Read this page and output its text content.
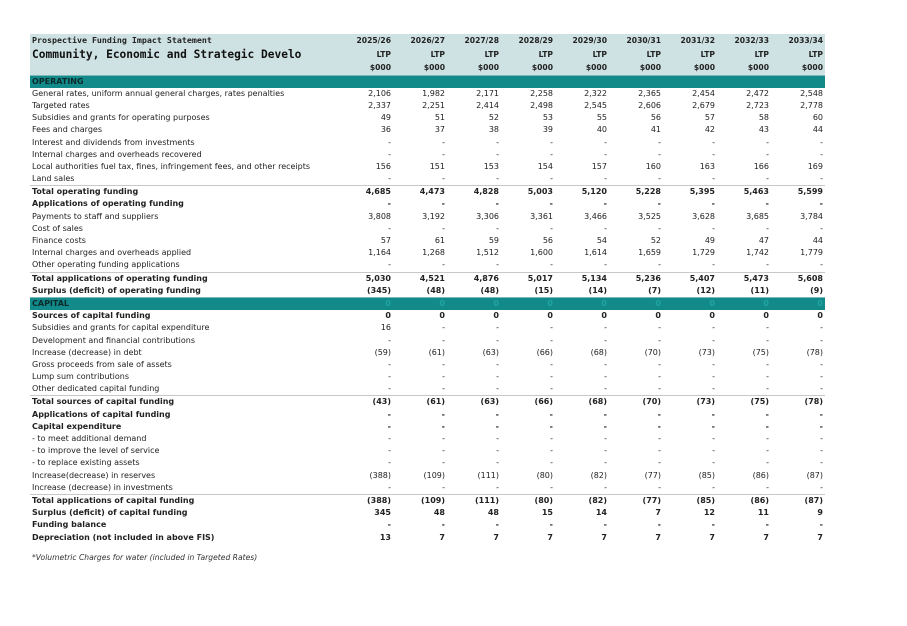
Prospective Funding Impact Statement	2025/26	2026/27	2027/28	2028/29	2029/30	2030/31	2031/32	2032/33	2033/34
Community, Economic and Strategic Develo	LTP	LTP	LTP	LTP	LTP	LTP	LTP	LTP	LTP
	$000	$000	$000	$000	$000	$000	$000	$000	$000
OPERATING									
General rates, uniform annual general charges, rates penalties	2,106	1,982	2,171	2,258	2,322	2,365	2,454	2,472	2,548
Targeted rates	2,337	2,251	2,414	2,498	2,545	2,606	2,679	2,723	2,778
Subsidies and grants for operating purposes	49	51	52	53	55	56	57	58	60
Fees and charges	36	37	38	39	40	41	42	43	44
Interest and dividends from investments	-	-	-	-	-	-	-	-	-
Internal charges and overheads recovered	-	-	-	-	-	-	-	-	-
Local authorities fuel tax, fines, infringement fees, and other receipts	156	151	153	154	157	160	163	166	169
Land sales	-	-	-	-	-	-	-	-	-
Total operating funding	4,685	4,473	4,828	5,003	5,120	5,228	5,395	5,463	5,599
Applications of operating funding	-	-	-	-	-	-	-	-	-
Payments to staff and suppliers	3,808	3,192	3,306	3,361	3,466	3,525	3,628	3,685	3,784
Cost of sales	-	-	-	-	-	-	-	-	-
Finance costs	57	61	59	56	54	52	49	47	44
Internal charges and overheads applied	1,164	1,268	1,512	1,600	1,614	1,659	1,729	1,742	1,779
Other operating funding applications	-	-	-	-	-	-	-	-	-
Total applications of operating funding	5,030	4,521	4,876	5,017	5,134	5,236	5,407	5,473	5,608
Surplus (deficit) of operating funding	(345)	(48)	(48)	(15)	(14)	(7)	(12)	(11)	(9)
CAPITAL	0	0	0	0	0	0	0	0	0
Sources of capital funding	0	0	0	0	0	0	0	0	0
Subsidies and grants for capital expenditure	16	-	-	-	-	-	-	-	-
Development and financial contributions	-	-	-	-	-	-	-	-	-
Increase (decrease) in debt	(59)	(61)	(63)	(66)	(68)	(70)	(73)	(75)	(78)
Gross proceeds from sale of assets	-	-	-	-	-	-	-	-	-
Lump sum contributions	-	-	-	-	-	-	-	-	-
Other dedicated capital funding	-	-	-	-	-	-	-	-	-
Total sources of capital funding	(43)	(61)	(63)	(66)	(68)	(70)	(73)	(75)	(78)
Applications of capital funding	-	-	-	-	-	-	-	-	-
Capital expenditure	-	-	-	-	-	-	-	-	-
- to meet additional demand	-	-	-	-	-	-	-	-	-
- to improve the level of service	-	-	-	-	-	-	-	-	-
- to replace existing assets	-	-	-	-	-	-	-	-	-
Increase(decrease) in reserves	(388)	(109)	(111)	(80)	(82)	(77)	(85)	(86)	(87)
Increase (decrease) in investments	-	-	-	-	-	-	-	-	-
Total applications of capital funding	(388)	(109)	(111)	(80)	(82)	(77)	(85)	(86)	(87)
Surplus (deficit) of capital funding	345	48	48	15	14	7	12	11	9
Funding balance	-	-	-	-	-	-	-	-	-
Depreciation (not included in above FIS)	13	7	7	7	7	7	7	7	7
*Volumetric Charges for water (included in Targeted Rates)
